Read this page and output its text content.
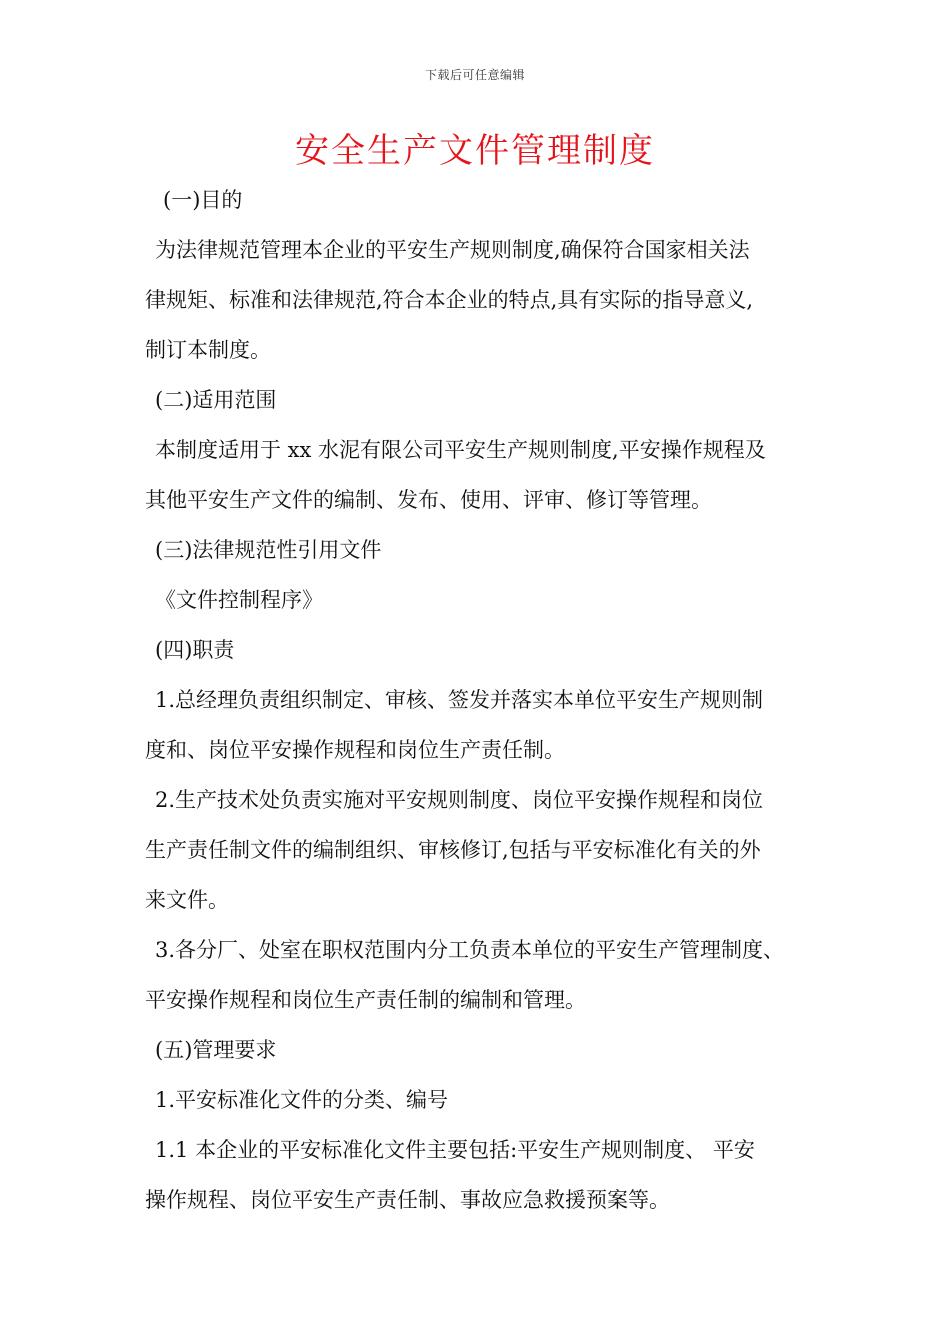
下载后可任意编辑
安全生产文件管理制度
(一)目的
为法律规范管理本企业的平安生产规则制度,确保符合国家相关法
律规矩、标准和法律规范,符合本企业的特点,具有实际的指导意义,
制订本制度。
(二)适用范围
本制度适用于 xx 水泥有限公司平安生产规则制度,平安操作规程及
其他平安生产文件的编制、发布、使用、评审、修订等管理。
(三)法律规范性引用文件
《文件控制程序》
(四)职责
1.总经理负责组织制定、审核、签发并落实本单位平安生产规则制
度和、岗位平安操作规程和岗位生产责任制。
2.生产技术处负责实施对平安规则制度、岗位平安操作规程和岗位
生产责任制文件的编制组织、审核修订,包括与平安标准化有关的外
来文件。
3.各分厂、处室在职权范围内分工负责本单位的平安生产管理制度、
平安操作规程和岗位生产责任制的编制和管理。
(五)管理要求
1.平安标准化文件的分类、编号
1.1 本企业的平安标准化文件主要包括:平安生产规则制度、 平安
操作规程、岗位平安生产责任制、事故应急救援预案等。
